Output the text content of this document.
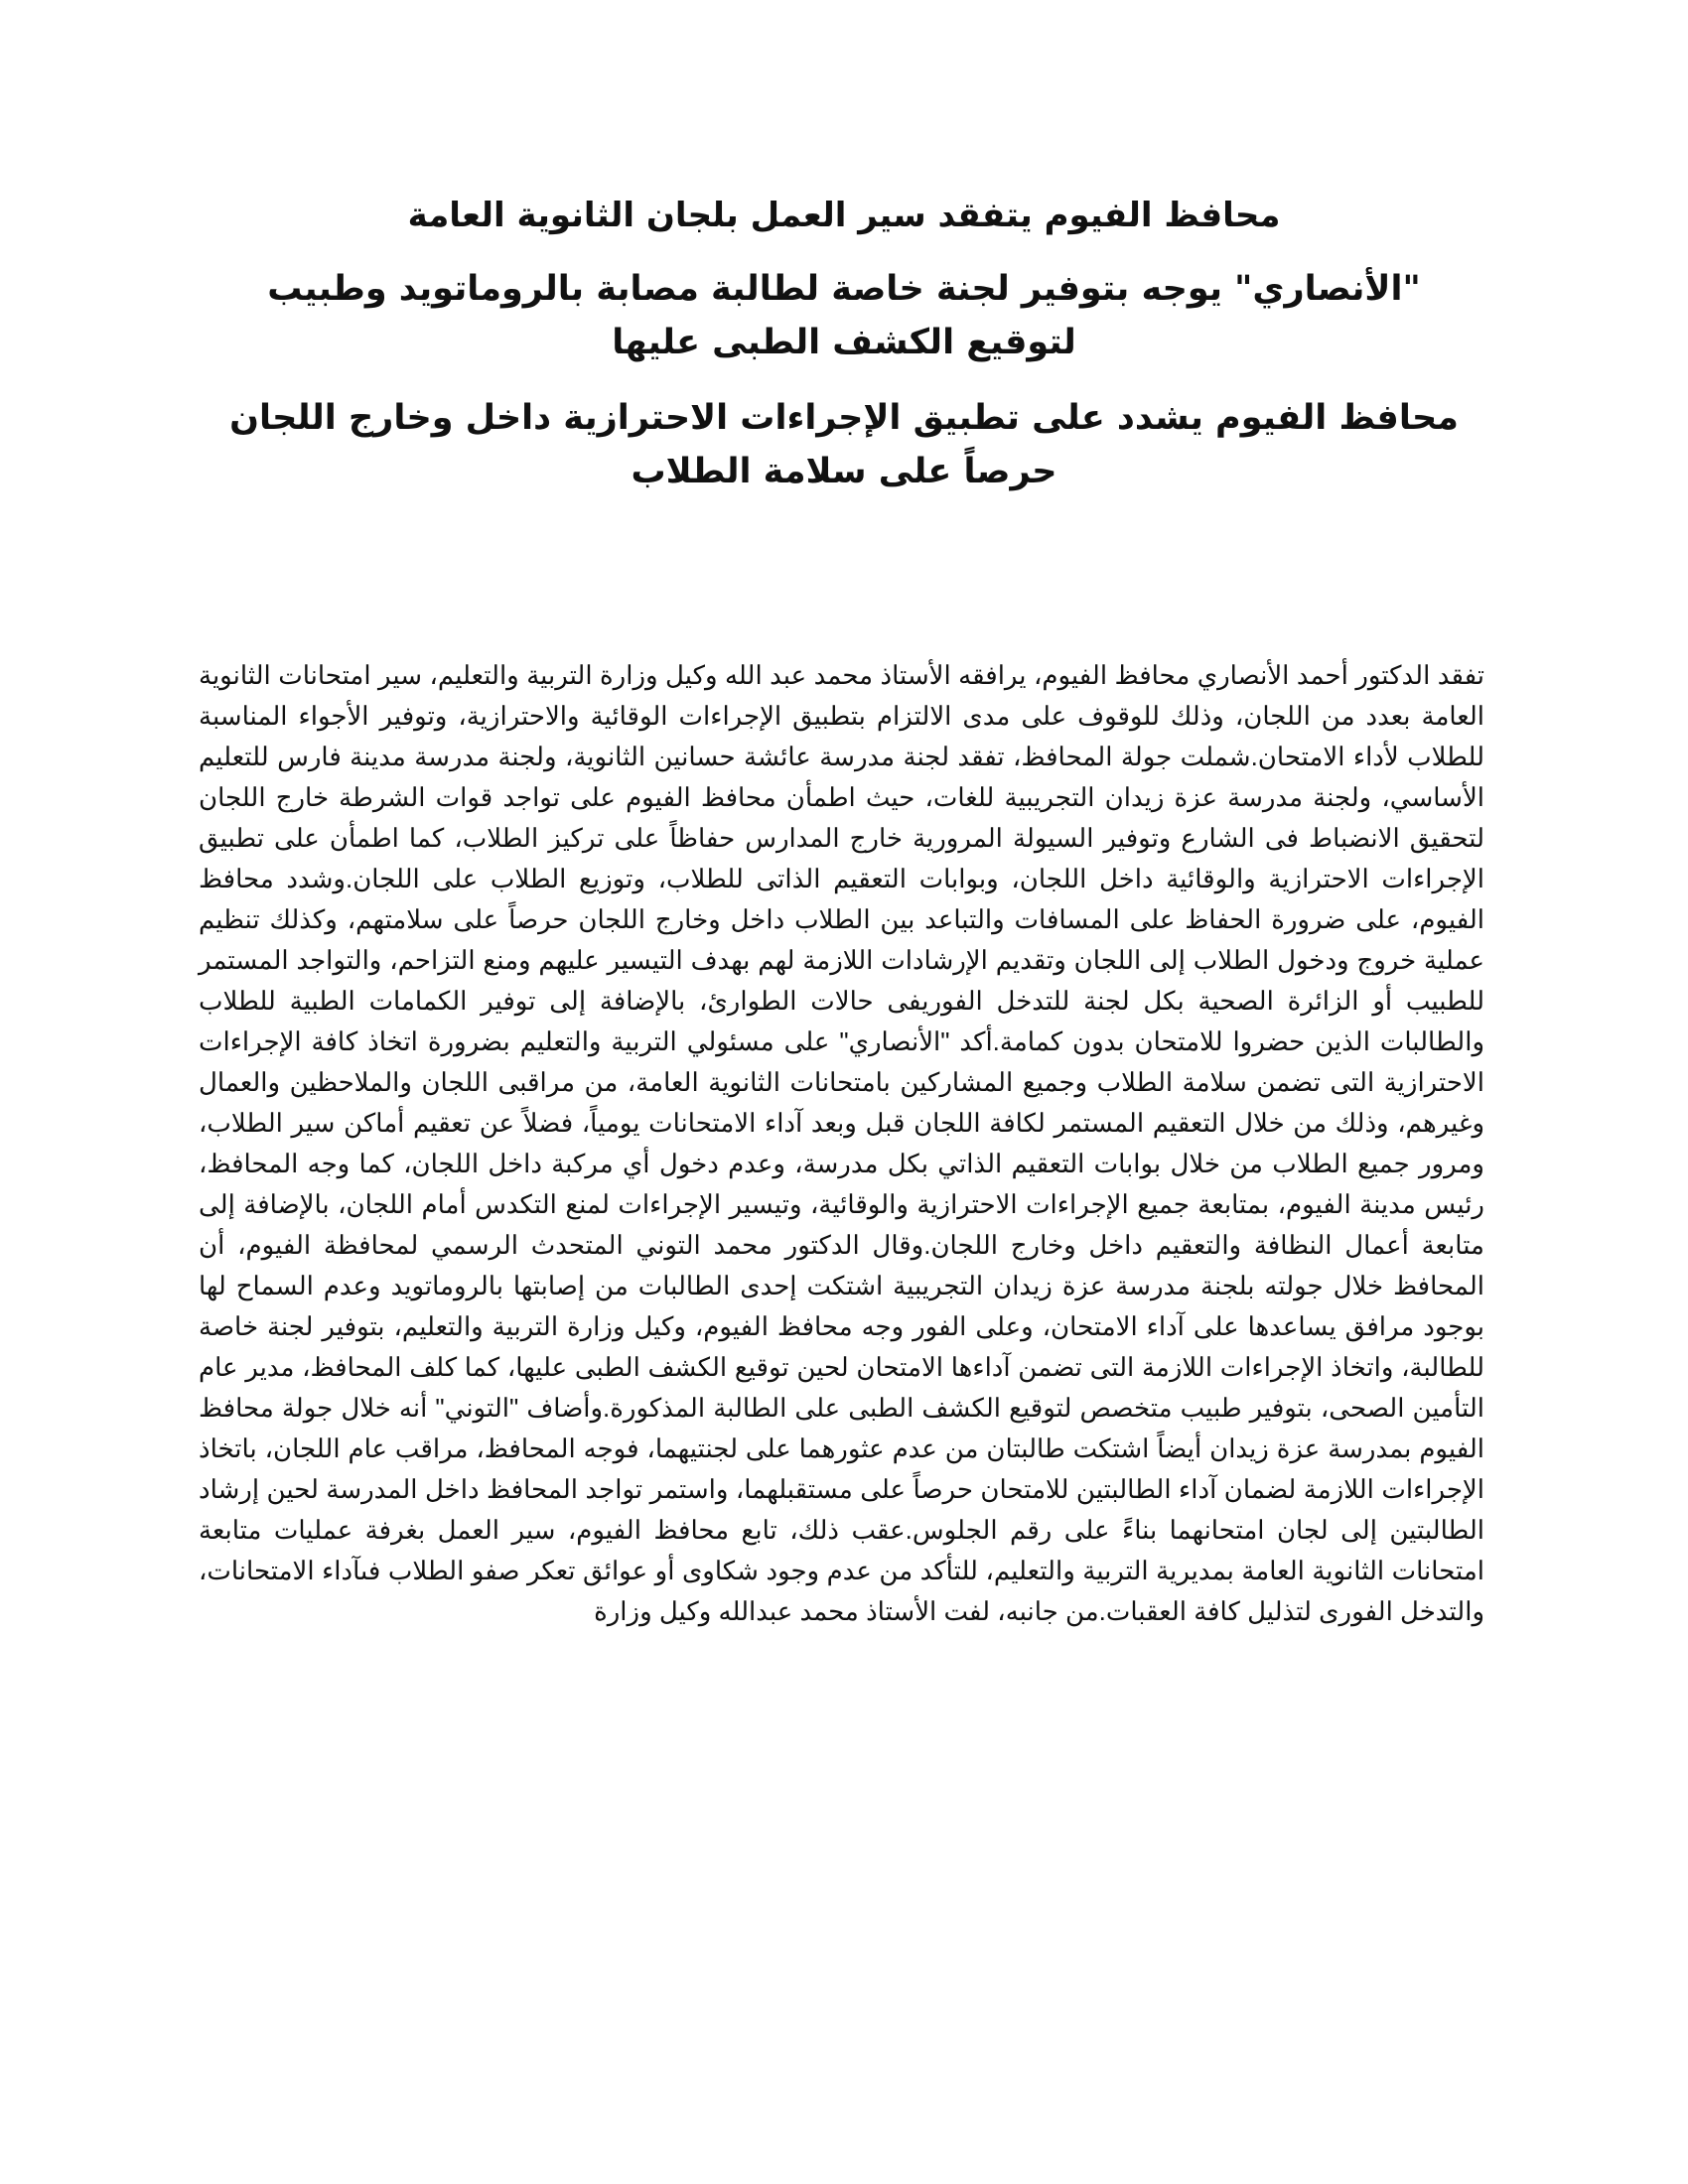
محافظ الفيوم يتفقد سير العمل بلجان الثانوية العامة
"الأنصاري" يوجه بتوفير لجنة خاصة لطالبة مصابة بالروماتويد وطبيب لتوقيع الكشف الطبى عليها
محافظ الفيوم يشدد على تطبيق الإجراءات الاحترازية داخل وخارج اللجان حرصاً على سلامة الطلاب

تفقد الدكتور أحمد الأنصاري محافظ الفيوم، يرافقه الأستاذ محمد عبد الله وكيل وزارة التربية والتعليم، سير امتحانات الثانوية العامة بعدد من اللجان، وذلك للوقوف على مدى الالتزام بتطبيق الإجراءات الوقائية والاحترازية، وتوفير الأجواء المناسبة للطلاب لأداء الامتحان.شملت جولة المحافظ، تفقد لجنة مدرسة عائشة حسانين الثانوية، ولجنة مدرسة مدينة فارس للتعليم الأساسي، ولجنة مدرسة عزة زيدان التجريبية للغات، حيث اطمأن محافظ الفيوم على تواجد قوات الشرطة خارج اللجان لتحقيق الانضباط فى الشارع وتوفير السيولة المرورية خارج المدارس حفاظاً على تركيز الطلاب، كما اطمأن على تطبيق الإجراءات الاحترازية والوقائية داخل اللجان، وبوابات التعقيم الذاتى للطلاب، وتوزيع الطلاب على اللجان.وشدد محافظ الفيوم، على ضرورة الحفاظ على المسافات والتباعد بين الطلاب داخل وخارج اللجان حرصاً على سلامتهم، وكذلك تنظيم عملية خروج ودخول الطلاب إلى اللجان وتقديم الإرشادات اللازمة لهم بهدف التيسير عليهم ومنع التزاحم، والتواجد المستمر للطبيب أو الزائرة الصحية بكل لجنة للتدخل الفوريفى حالات الطوارئ، بالإضافة إلى توفير الكمامات الطبية للطلاب والطالبات الذين حضروا للامتحان بدون كمامة.أكد "الأنصاري" على مسئولي التربية والتعليم بضرورة اتخاذ كافة الإجراءات الاحترازية التى تضمن سلامة الطلاب وجميع المشاركين بامتحانات الثانوية العامة، من مراقبى اللجان والملاحظين والعمال وغيرهم، وذلك من خلال التعقيم المستمر لكافة اللجان قبل وبعد آداء الامتحانات يومياً، فضلاً عن تعقيم أماكن سير الطلاب، ومرور جميع الطلاب من خلال بوابات التعقيم الذاتي بكل مدرسة، وعدم دخول أي مركبة داخل اللجان، كما وجه المحافظ، رئيس مدينة الفيوم، بمتابعة جميع الإجراءات الاحترازية والوقائية، وتيسير الإجراءات لمنع التكدس أمام اللجان، بالإضافة إلى متابعة أعمال النظافة والتعقيم داخل وخارج اللجان.وقال الدكتور محمد التوني المتحدث الرسمي لمحافظة الفيوم، أن المحافظ خلال جولته بلجنة مدرسة عزة زيدان التجريبية اشتكت إحدى الطالبات من إصابتها بالروماتويد وعدم السماح لها بوجود مرافق يساعدها على آداء الامتحان، وعلى الفور وجه محافظ الفيوم، وكيل وزارة التربية والتعليم، بتوفير لجنة خاصة للطالبة، واتخاذ الإجراءات اللازمة التى تضمن آداءها الامتحان لحين توقيع الكشف الطبى عليها، كما كلف المحافظ، مدير عام التأمين الصحى، بتوفير طبيب متخصص لتوقيع الكشف الطبى على الطالبة المذكورة.وأضاف "التوني" أنه خلال جولة محافظ الفيوم بمدرسة عزة زيدان أيضاً اشتكت طالبتان من عدم عثورهما على لجنتيهما، فوجه المحافظ، مراقب عام اللجان، باتخاذ الإجراءات اللازمة لضمان آداء الطالبتين للامتحان حرصاً على مستقبلهما، واستمر تواجد المحافظ داخل المدرسة لحين إرشاد الطالبتين إلى لجان امتحانهما بناءً على رقم الجلوس.عقب ذلك، تابع محافظ الفيوم، سير العمل بغرفة عمليات متابعة امتحانات الثانوية العامة بمديرية التربية والتعليم، للتأكد من عدم وجود شكاوى أو عوائق تعكر صفو الطلاب فىآداء الامتحانات، والتدخل الفورى لتذليل كافة العقبات.من جانبه، لفت الأستاذ محمد عبدالله وكيل وزارة
